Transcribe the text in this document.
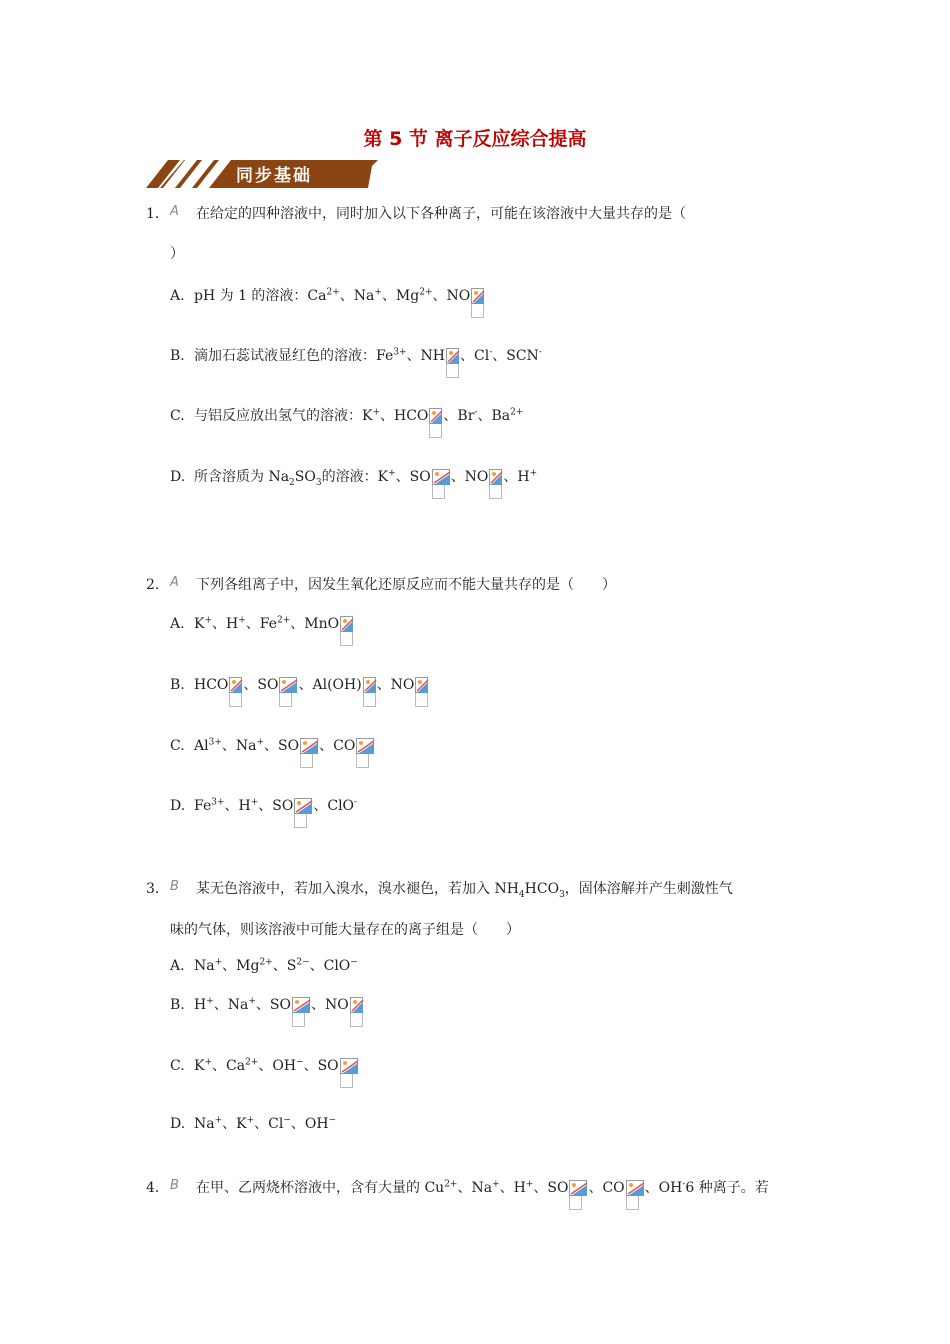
第 5 节 离子反应综合提高
同步基础
1． A 在给定的四种溶液中，同时加入以下各种离子，可能在该溶液中大量共存的是（
）
A. pH 为 1 的溶液：$Ca^{2+}$、Na+、$Mg^{2+}$、NO
B. 滴加石蕊试液显红色的溶液：$Fe^{3+}$、NH 、Cl-、SCN-
C. 与铝反应放出氢气的溶液：K+、HCO 、Br-、$Ba^{2+}$
D. 所含溶质为 $Na_2SO_3$的溶液：K+、SO 、NO 、H+
2． A 下列各组离子中，因发生氧化还原反应而不能大量共存的是（　　）
A. K+、H+、$Fe^{2+}$、MnO
B. HCO 、SO 、Al(OH) 、NO
C. $Al^{3+}$、Na+、SO 、CO
D. $Fe^{3+}$、H+、SO 、ClO-
3． B 某无色溶液中，若加入溴水，溴水褪色，若加入 $NH_4HCO_3$，固体溶解并产生刺激性气
味的气体，则该溶液中可能大量存在的离子组是（　　）
A. Na+、$Mg^{2+}$、$S^{2-}$、ClO−
B. H+、Na+、SO 、NO
C. K+、$Ca^{2+}$、OH−、SO
D. Na+、K+、Cl−、OH−
4． B 在甲、乙两烧杯溶液中，含有大量的 $Cu^{2+}$、Na+、H+、SO 、CO 、OH-6 种离子。若
